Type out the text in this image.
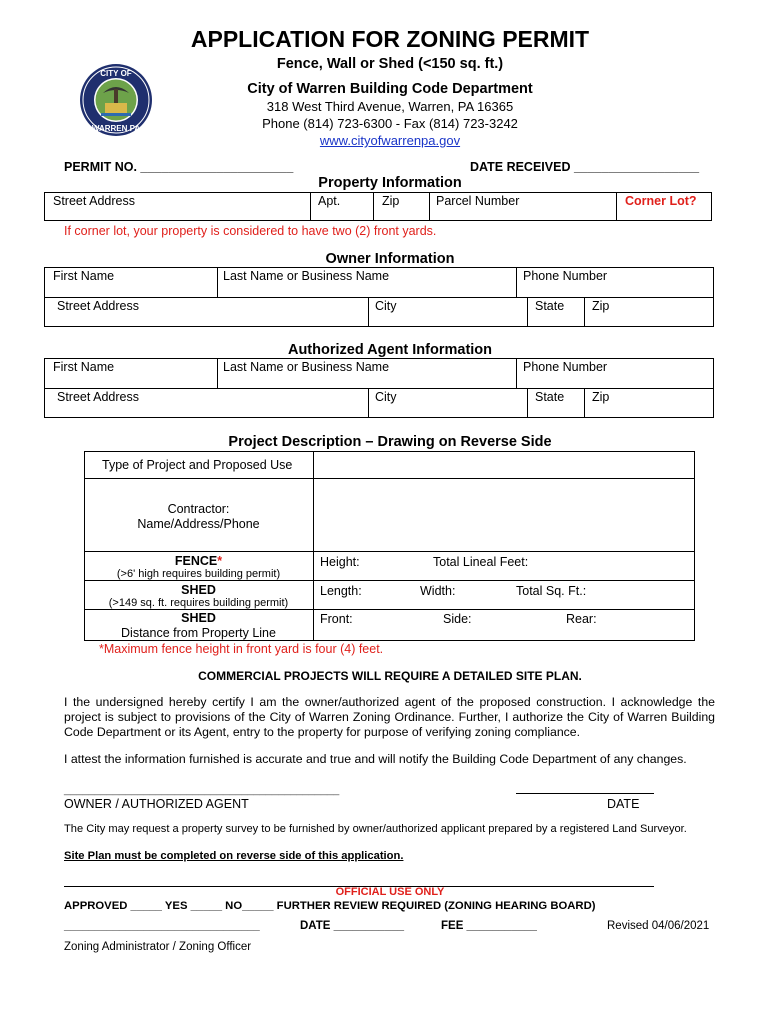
CITY OF
WARREN PA
APPLICATION FOR ZONING PERMIT
Fence, Wall or Shed (<150 sq. ft.)
City of Warren Building Code Department
318 West Third Avenue, Warren, PA 16365
Phone (814) 723-6300 - Fax (814) 723-3242
www.cityofwarrenpa.gov
PERMIT NO. ______________________	DATE RECEIVED __________________
Property Information
Street Address	Apt.	Zip	Parcel Number	Corner Lot?
If corner lot, your property is considered to have two (2) front yards.
Owner Information
First Name	Last Name or Business Name	Phone Number
Street Address	City	State Zip
Authorized Agent Information
First Name	Last Name or Business Name	Phone Number
Street Address	City	State Zip
Project Description – Drawing on Reverse Side
Type of Project and Proposed Use
Contractor:
Name/Address/Phone
FENCE*
(>6' high requires building permit)
Height:	Total Lineal Feet:
SHED
(>149 sq. ft. requires building permit)
Length:	Width:	Total Sq. Ft.:
SHED
Distance from Property Line
Front:	Side:	Rear:
*Maximum fence height in front yard is four (4) feet.
COMMERCIAL PROJECTS WILL REQUIRE A DETAILED SITE PLAN.
I the undersigned hereby certify I am the owner/authorized agent of the proposed construction. I acknowledge the project is subject to provisions of the City of Warren Zoning Ordinance. Further, I authorize the City of Warren Building Code Department or its Agent, entry to the property for purpose of verifying zoning compliance.
I attest the information furnished is accurate and true and will notify the Building Code Department of any changes.
_____________________________________________
OWNER / AUTHORIZED AGENT	DATE
The City may request a property survey to be furnished by owner/authorized applicant prepared by a registered Land Surveyor.
Site Plan must be completed on reverse side of this application.
OFFICIAL USE ONLY
APPROVED _____ YES _____ NO_____ FURTHER REVIEW REQUIRED (ZONING HEARING BOARD)
________________________________	DATE ___________	FEE ___________	Revised 04/06/2021
Zoning Administrator / Zoning Officer
